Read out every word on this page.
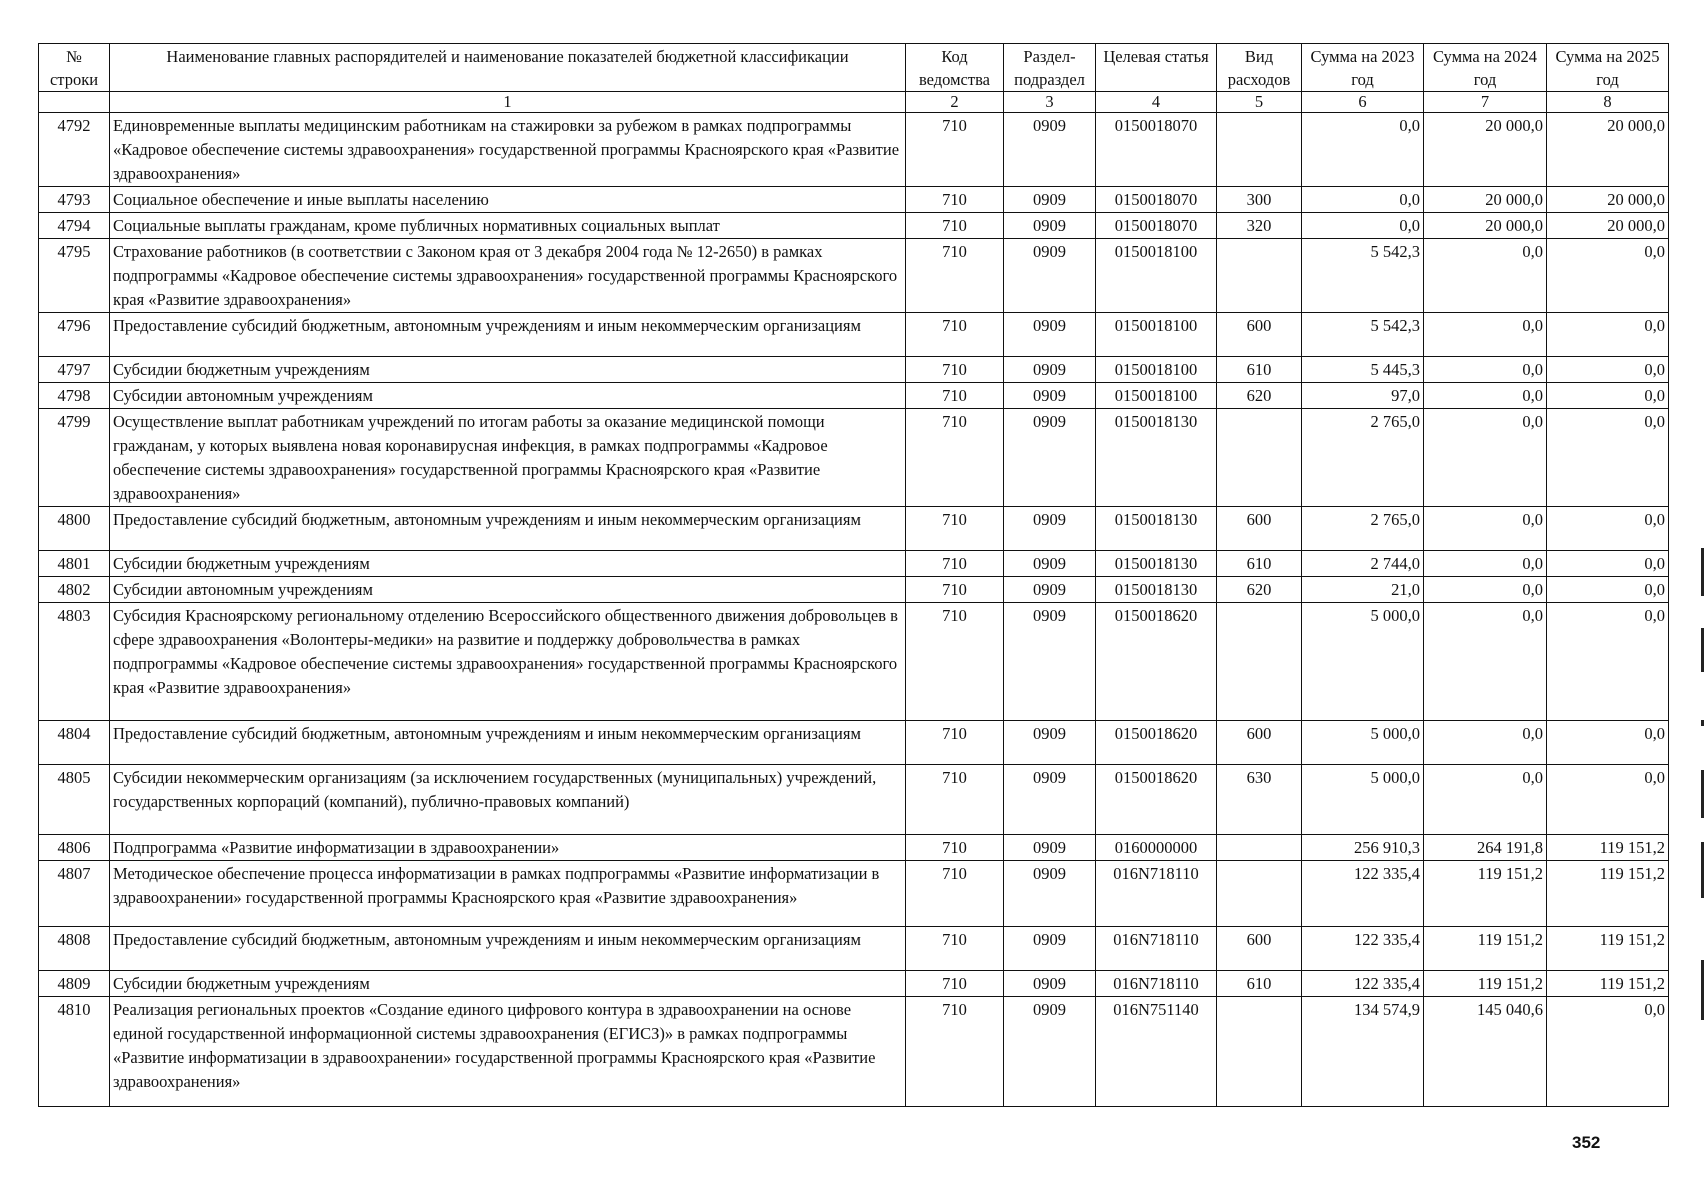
№ строки	Наименование главных распорядителей и наименование показателей бюджетной классификации	Код ведомства	Раздел-подраздел	Целевая статья	Вид расходов	Сумма на 2023 год	Сумма на 2024 год	Сумма на 2025 год
	1	2	3	4	5	6	7	8
4792	Единовременные выплаты медицинским работникам на стажировки за рубежом в рамках подпрограммы «Кадровое обеспечение системы здравоохранения» государственной программы Красноярского края «Развитие здравоохранения»	710	0909	0150018070		0,0	20 000,0	20 000,0
4793	Социальное обеспечение и иные выплаты населению	710	0909	0150018070	300	0,0	20 000,0	20 000,0
4794	Социальные выплаты гражданам, кроме публичных нормативных социальных выплат	710	0909	0150018070	320	0,0	20 000,0	20 000,0
4795	Страхование работников (в соответствии с Законом края от 3 декабря 2004 года № 12-2650) в рамках подпрограммы «Кадровое обеспечение системы здравоохранения» государственной программы Красноярского края «Развитие здравоохранения»	710	0909	0150018100		5 542,3	0,0	0,0
4796	Предоставление субсидий бюджетным, автономным учреждениям и иным некоммерческим организациям	710	0909	0150018100	600	5 542,3	0,0	0,0
4797	Субсидии бюджетным учреждениям	710	0909	0150018100	610	5 445,3	0,0	0,0
4798	Субсидии автономным учреждениям	710	0909	0150018100	620	97,0	0,0	0,0
4799	Осуществление выплат работникам учреждений по итогам работы за оказание медицинской помощи гражданам, у которых выявлена новая коронавирусная инфекция, в рамках подпрограммы «Кадровое обеспечение системы здравоохранения» государственной программы Красноярского края «Развитие здравоохранения»	710	0909	0150018130		2 765,0	0,0	0,0
4800	Предоставление субсидий бюджетным, автономным учреждениям и иным некоммерческим организациям	710	0909	0150018130	600	2 765,0	0,0	0,0
4801	Субсидии бюджетным учреждениям	710	0909	0150018130	610	2 744,0	0,0	0,0
4802	Субсидии автономным учреждениям	710	0909	0150018130	620	21,0	0,0	0,0
4803	Субсидия Красноярскому региональному отделению Всероссийского общественного движения добровольцев в сфере здравоохранения «Волонтеры-медики» на развитие и поддержку добровольчества в рамках подпрограммы «Кадровое обеспечение системы здравоохранения» государственной программы Красноярского края «Развитие здравоохранения»	710	0909	0150018620		5 000,0	0,0	0,0
4804	Предоставление субсидий бюджетным, автономным учреждениям и иным некоммерческим организациям	710	0909	0150018620	600	5 000,0	0,0	0,0
4805	Субсидии некоммерческим организациям (за исключением государственных (муниципальных) учреждений, государственных корпораций (компаний), публично-правовых компаний)	710	0909	0150018620	630	5 000,0	0,0	0,0
4806	Подпрограмма «Развитие информатизации в здравоохранении»	710	0909	0160000000		256 910,3	264 191,8	119 151,2
4807	Методическое обеспечение процесса информатизации в рамках подпрограммы «Развитие информатизации в здравоохранении» государственной программы Красноярского края «Развитие здравоохранения»	710	0909	016N718110		122 335,4	119 151,2	119 151,2
4808	Предоставление субсидий бюджетным, автономным учреждениям и иным некоммерческим организациям	710	0909	016N718110	600	122 335,4	119 151,2	119 151,2
4809	Субсидии бюджетным учреждениям	710	0909	016N718110	610	122 335,4	119 151,2	119 151,2
4810	Реализация региональных проектов «Создание единого цифрового контура в здравоохранении на основе единой государственной информационной системы здравоохранения (ЕГИСЗ)» в рамках подпрограммы «Развитие информатизации в здравоохранении» государственной программы Красноярского края «Развитие здравоохранения»	710	0909	016N751140		134 574,9	145 040,6	0,0
352
